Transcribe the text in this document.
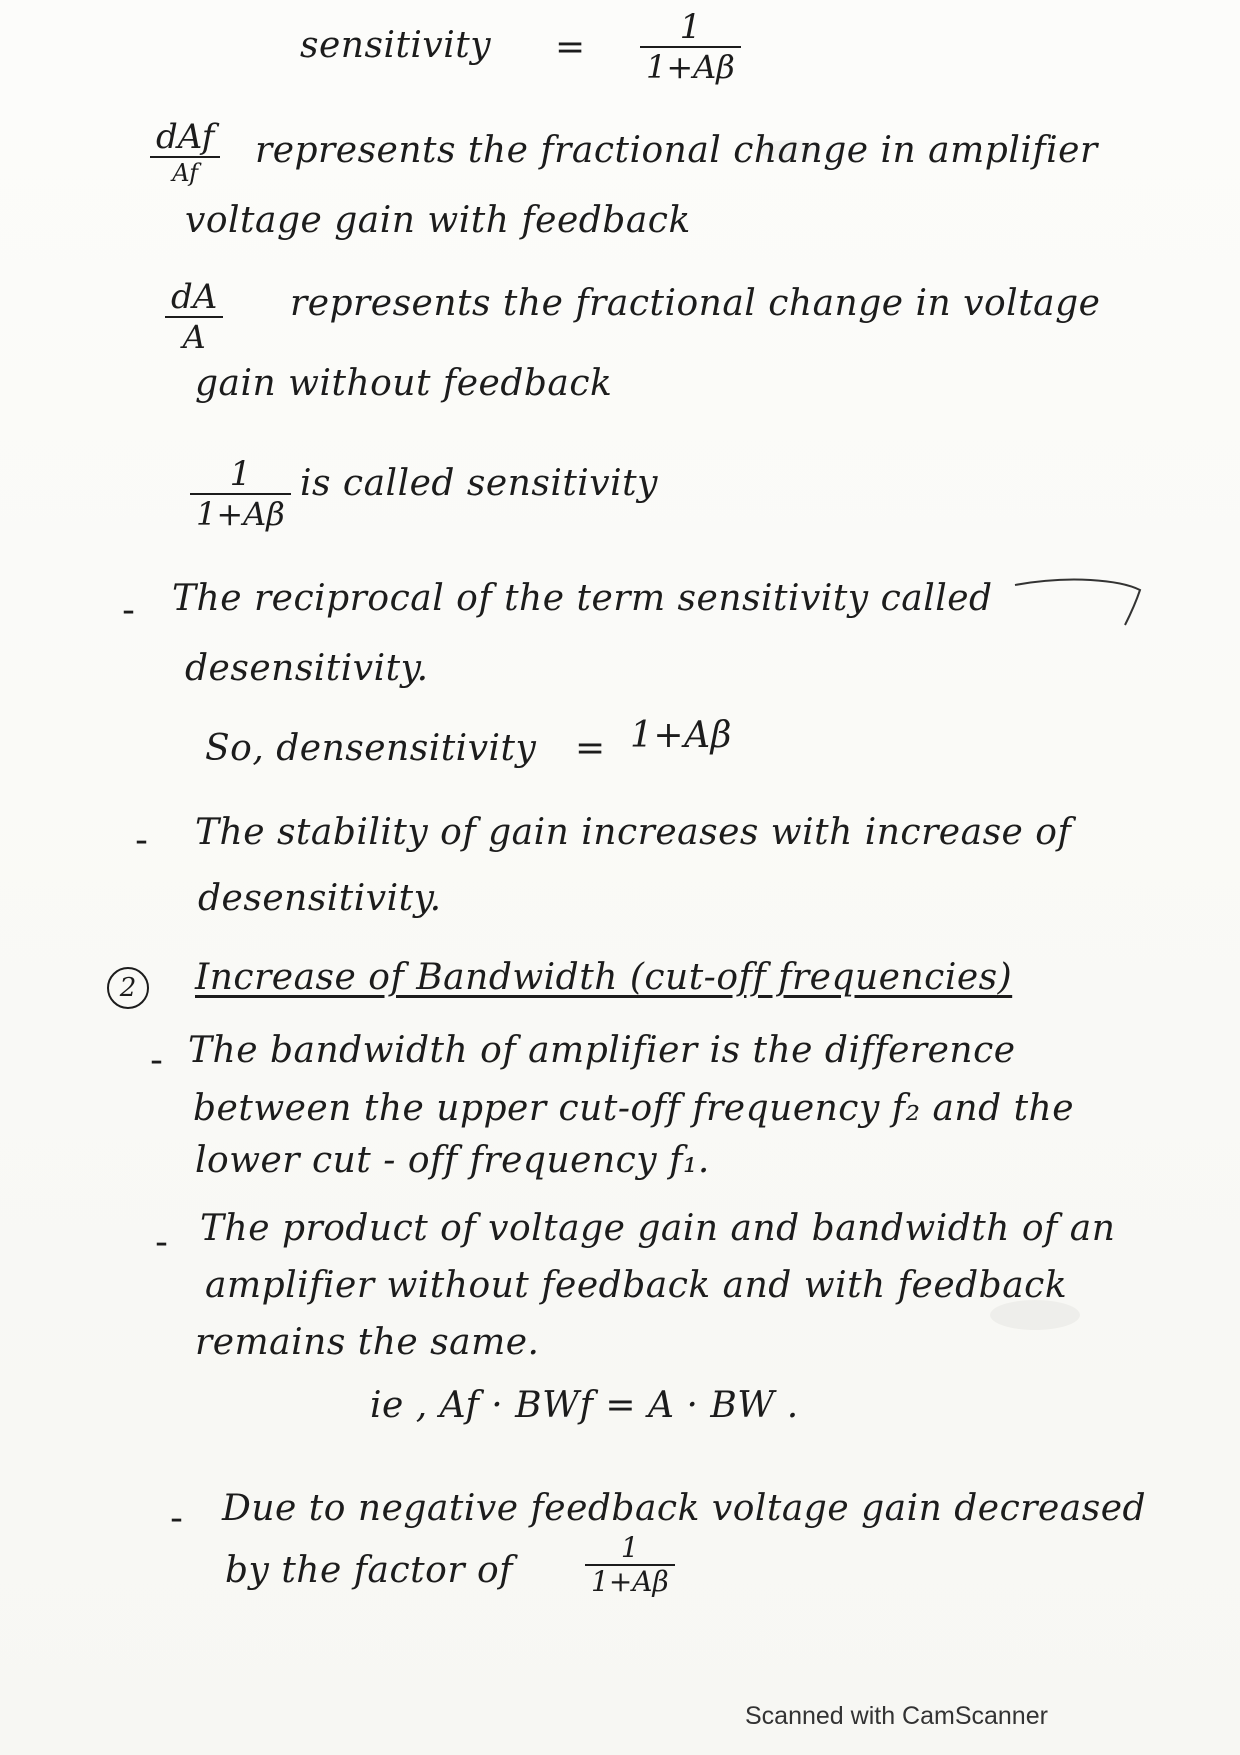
sensitivity =	1
1+Aβ
dAf
Af
represents the fractional change in amplifier
voltage gain with feedback
dA
A
represents the fractional change in voltage
gain without feedback
1
1+Aβ
is called sensitivity
- The reciprocal of the term sensitivity called
desensitivity.
So, densensitivity = 1+Aβ
- The stability of gain increases with increase of
desensitivity.
2	Increase of Bandwidth (cut-off frequencies)
- The bandwidth of amplifier is the difference
between the upper cut-off frequency f₂ and the
lower cut - off frequency f₁.
- The product of voltage gain and bandwidth of an
amplifier without feedback and with feedback
remains the same.
ie , Af · BWf = A · BW .
- Due to negative feedback voltage gain decreased
by the factor of
1
1+Aβ
Scanned with CamScanner
